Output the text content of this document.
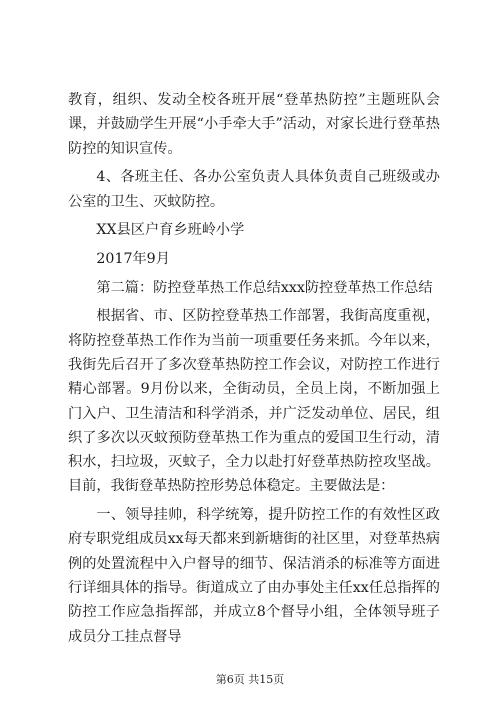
教育，组织、发动全校各班开展“登革热防控”主题班队会课，并鼓励学生开展“小手牵大手”活动，对家长进行登革热防控的知识宣传。

4、各班主任、各办公室负责人具体负责自己班级或办公室的卫生、灭蚊防控。

XX县区户育乡班岭小学

2017年9月

第二篇：防控登革热工作总结xxx防控登革热工作总结

根据省、市、区防控登革热工作部署，我街高度重视，将防控登革热工作作为当前一项重要任务来抓。今年以来，我街先后召开了多次登革热防控工作会议，对防控工作进行精心部署。9月份以来，全街动员，全员上岗，不断加强上门入户、卫生清洁和科学消杀，并广泛发动单位、居民，组织了多次以灭蚊预防登革热工作为重点的爱国卫生行动，清积水，扫垃圾，灭蚊子，全力以赴打好登革热防控攻坚战。目前，我街登革热防控形势总体稳定。主要做法是：

一、领导挂帅，科学统筹，提升防控工作的有效性区政府专职党组成员xx每天都来到新塘街的社区里，对登革热病例的处置流程中入户督导的细节、保洁消杀的标准等方面进行详细具体的指导。街道成立了由办事处主任xx任总指挥的防控工作应急指挥部，并成立8个督导小组，全体领导班子成员分工挂点督导

第6页 共15页
